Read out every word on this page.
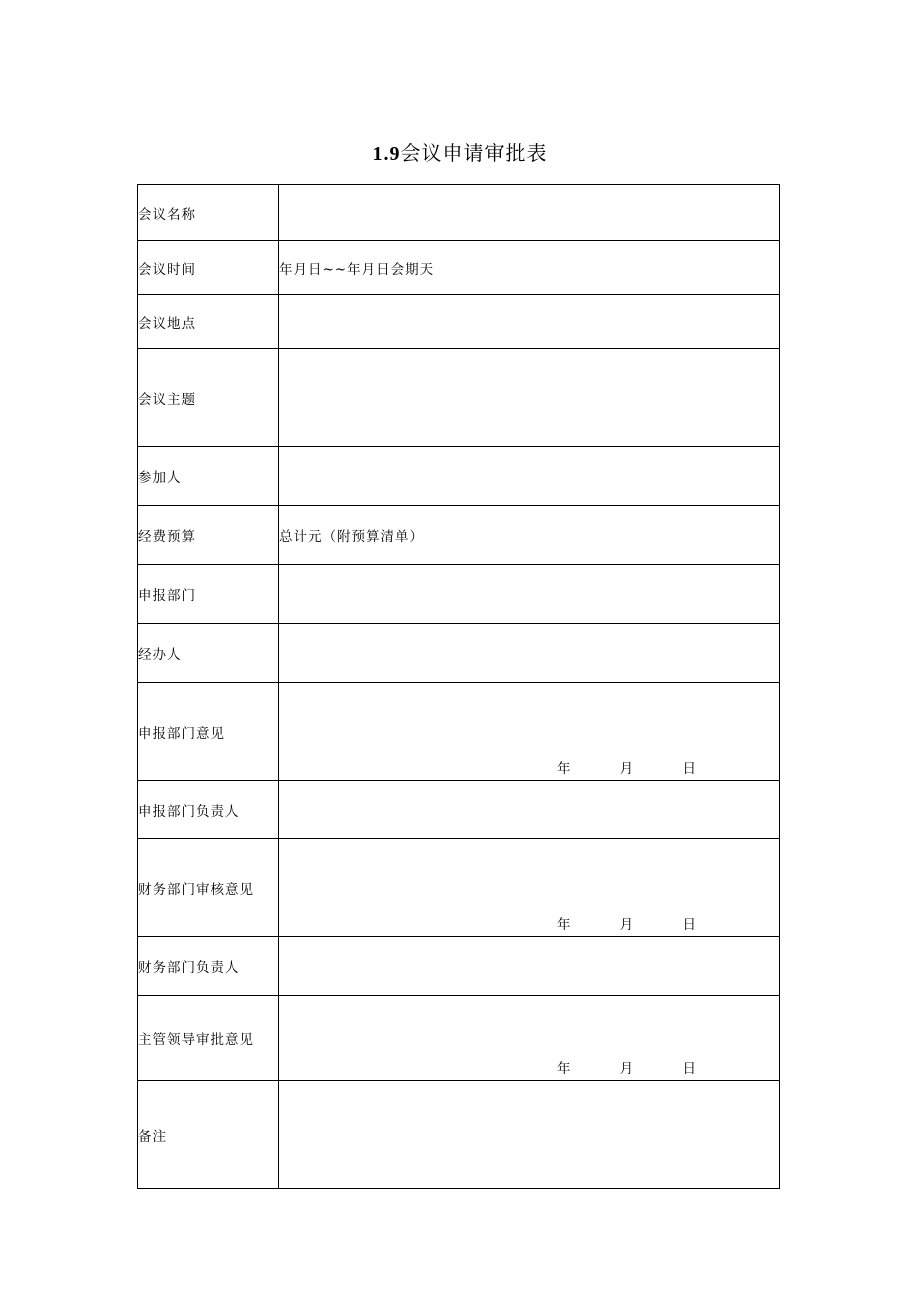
1.9会议申请审批表
会议名称	
会议时间	年月日~~年月日会期天
会议地点	
会议主题	
参加人	
经费预算	总计元（附预算清单）
申报部门	
经办人	
申报部门意见	年 月 日

申报部门负责人	
财务部门审核意见	年 月 日

财务部门负责人	
主管领导审批意见	年 月 日

备注	
